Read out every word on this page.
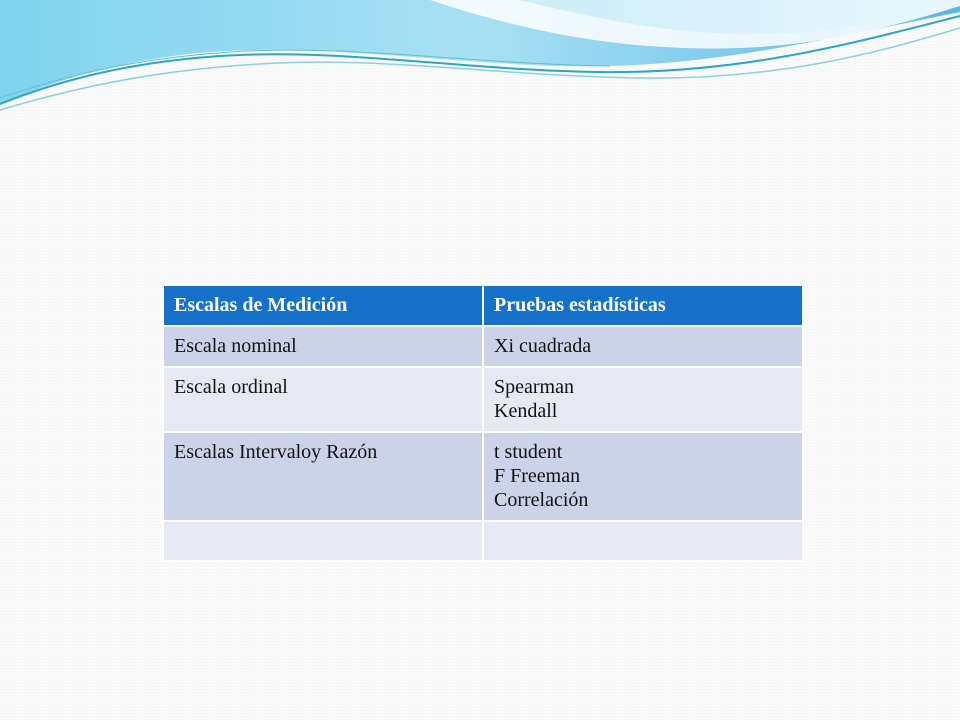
Escalas de Medición	Pruebas estadísticas
Escala nominal	Xi cuadrada

Escala ordinal	Spearman
Kendall

Escalas Intervaloy Razón	t student
F Freeman
Correlación
